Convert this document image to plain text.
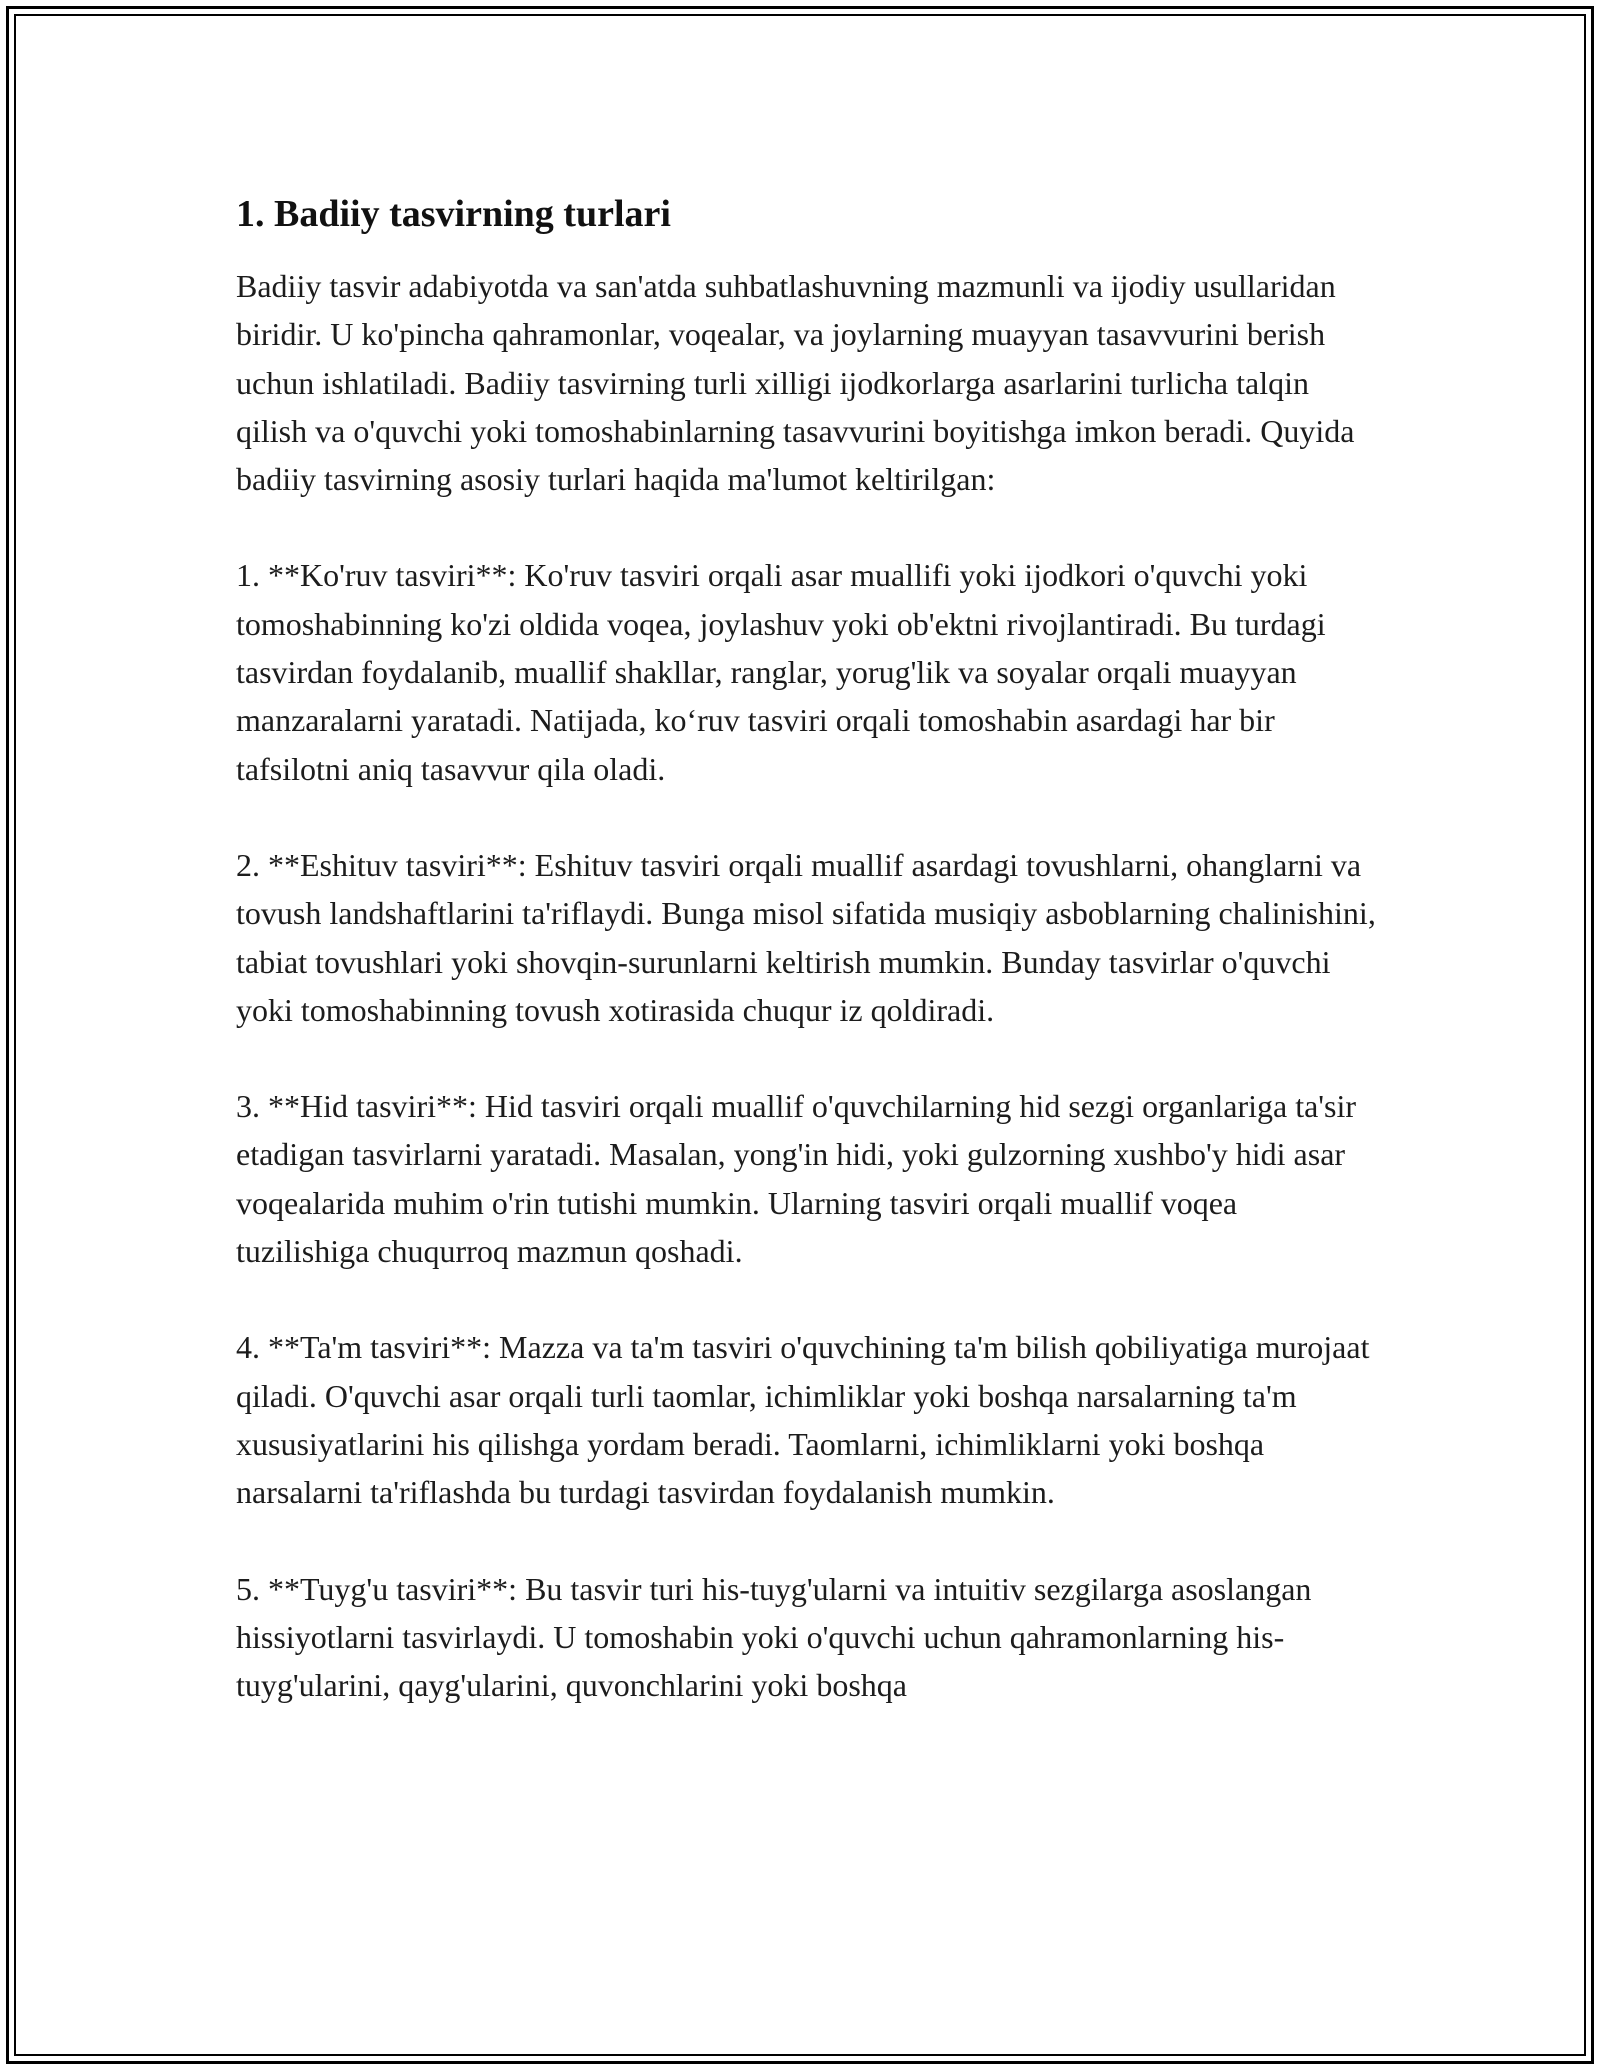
1. Badiiy tasvirning turlari

Badiiy tasvir adabiyotda va san'atda suhbatlashuvning mazmunli va ijodiy usullaridan biridir. U ko'pincha qahramonlar, voqealar, va joylarning muayyan tasavvurini berish uchun ishlatiladi. Badiiy tasvirning turli xilligi ijodkorlarga asarlarini turlicha talqin qilish va o'quvchi yoki tomoshabinlarning tasavvurini boyitishga imkon beradi. Quyida badiiy tasvirning asosiy turlari haqida ma'lumot keltirilgan:

1. **Ko'ruv tasviri**: Ko'ruv tasviri orqali asar muallifi yoki ijodkori o'quvchi yoki tomoshabinning ko'zi oldida voqea, joylashuv yoki ob'ektni rivojlantiradi. Bu turdagi tasvirdan foydalanib, muallif shakllar, ranglar, yorug'lik va soyalar orqali muayyan manzaralarni yaratadi. Natijada, ko‘ruv tasviri orqali tomoshabin asardagi har bir tafsilotni aniq tasavvur qila oladi.

2. **Eshituv tasviri**: Eshituv tasviri orqali muallif asardagi tovushlarni, ohanglarni va tovush landshaftlarini ta'riflaydi. Bunga misol sifatida musiqiy asboblarning chalinishini, tabiat tovushlari yoki shovqin-surunlarni keltirish mumkin. Bunday tasvirlar o'quvchi yoki tomoshabinning tovush xotirasida chuqur iz qoldiradi.

3. **Hid tasviri**: Hid tasviri orqali muallif o'quvchilarning hid sezgi organlariga ta'sir etadigan tasvirlarni yaratadi. Masalan, yong'in hidi, yoki gulzorning xushbo'y hidi asar voqealarida muhim o'rin tutishi mumkin. Ularning tasviri orqali muallif voqea tuzilishiga chuqurroq mazmun qoshadi.

4. **Ta'm tasviri**: Mazza va ta'm tasviri o'quvchining ta'm bilish qobiliyatiga murojaat qiladi. O'quvchi asar orqali turli taomlar, ichimliklar yoki boshqa narsalarning ta'm xususiyatlarini his qilishga yordam beradi. Taomlarni, ichimliklarni yoki boshqa narsalarni ta'riflashda bu turdagi tasvirdan foydalanish mumkin.

5. **Tuyg'u tasviri**: Bu tasvir turi his-tuyg'ularni va intuitiv sezgilarga asoslangan hissiyotlarni tasvirlaydi. U tomoshabin yoki o'quvchi uchun qahramonlarning his-tuyg'ularini, qayg'ularini, quvonchlarini yoki boshqa
